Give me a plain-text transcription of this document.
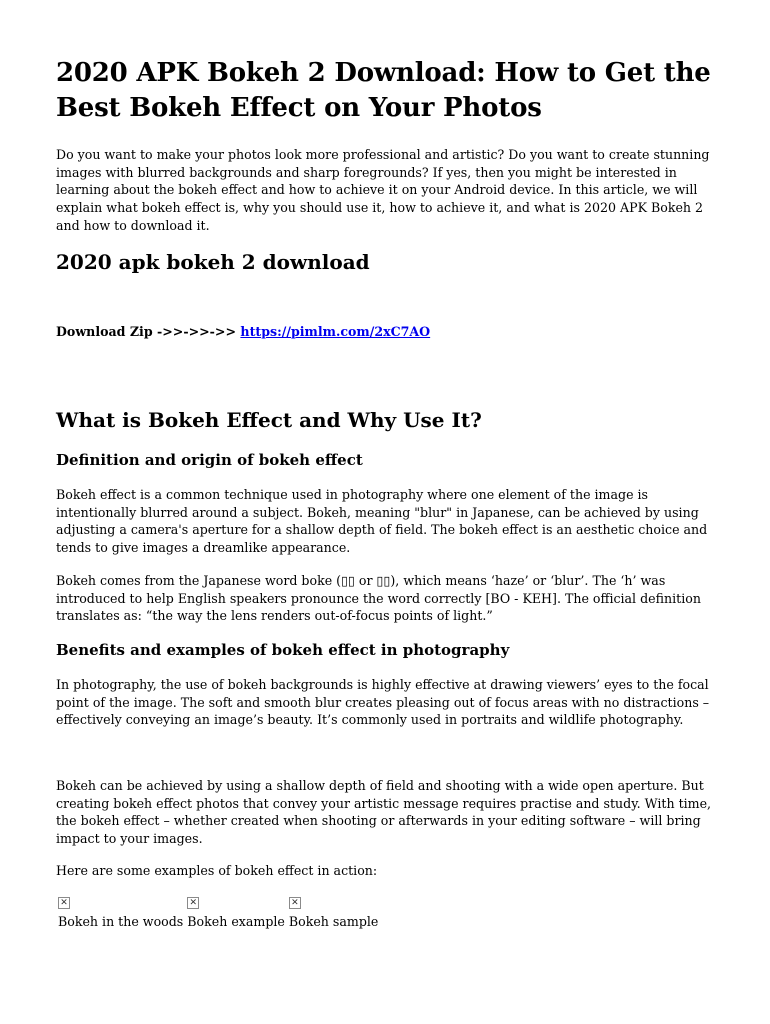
2020 APK Bokeh 2 Download: How to Get the Best Bokeh Effect on Your Photos

Do you want to make your photos look more professional and artistic? Do you want to create stunning images with blurred backgrounds and sharp foregrounds? If yes, then you might be interested in learning about the bokeh effect and how to achieve it on your Android device. In this article, we will explain what bokeh effect is, why you should use it, how to achieve it, and what is 2020 APK Bokeh 2 and how to download it.

2020 apk bokeh 2 download
Download Zip ->>->>->> https://pimlm.com/2xC7AO
What is Bokeh Effect and Why Use It?
Definition and origin of bokeh effect

Bokeh effect is a common technique used in photography where one element of the image is intentionally blurred around a subject. Bokeh, meaning "blur" in Japanese, can be achieved by using adjusting a camera's aperture for a shallow depth of field. The bokeh effect is an aesthetic choice and tends to give images a dreamlike appearance.

Bokeh comes from the Japanese word boke (▯▯ or ▯▯), which means ‘haze’ or ‘blur’. The ‘h’ was introduced to help English speakers pronounce the word correctly [BO - KEH]. The official definition translates as: “the way the lens renders out-of-focus points of light.”

Benefits and examples of bokeh effect in photography

In photography, the use of bokeh backgrounds is highly effective at drawing viewers’ eyes to the focal point of the image. The soft and smooth blur creates pleasing out of focus areas with no distractions – effectively conveying an image’s beauty. It’s commonly used in portraits and wildlife photography.

Bokeh can be achieved by using a shallow depth of field and shooting with a wide open aperture. But creating bokeh effect photos that convey your artistic message requires practise and study. With time, the bokeh effect – whether created when shooting or afterwards in your editing software – will bring impact to your images.

Here are some examples of bokeh effect in action:

✕
Bokeh in the woods
✕
Bokeh example
✕
Bokeh sample
